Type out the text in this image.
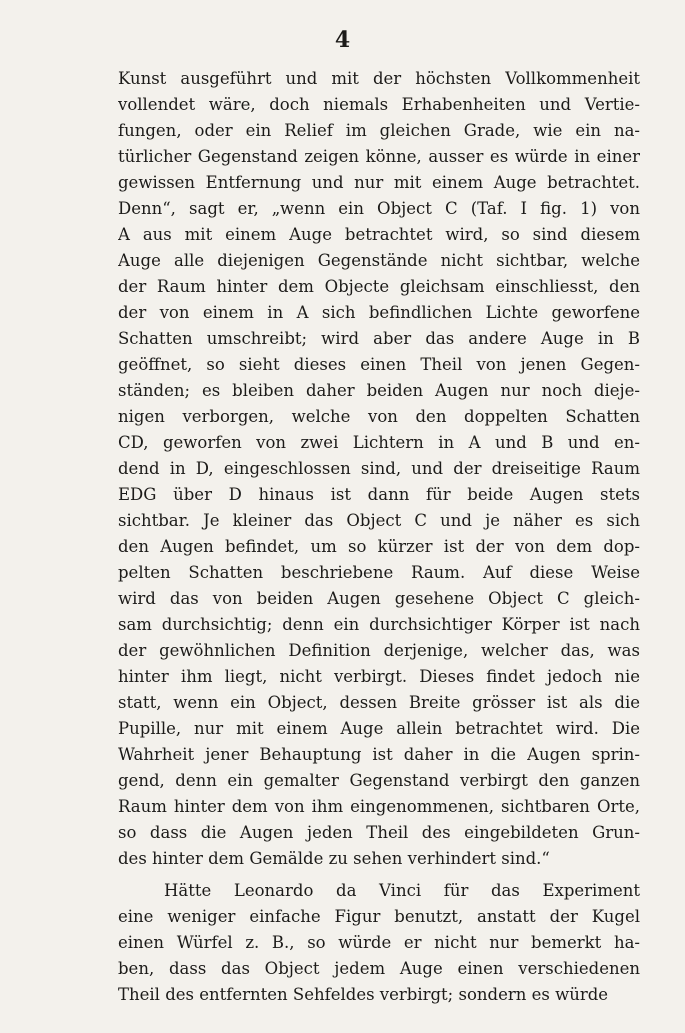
4
Kunst ausgeführt und mit der höchsten Vollkommenheit
vollendet wäre, doch niemals Erhabenheiten und Vertie-
fungen, oder ein Relief im gleichen Grade, wie ein na-
türlicher Gegenstand zeigen könne, ausser es würde in einer
gewissen Entfernung und nur mit einem Auge betrachtet.
Denn“, sagt er, „wenn ein Object C (Taf. I fig. 1) von
A aus mit einem Auge betrachtet wird, so sind diesem
Auge alle diejenigen Gegenstände nicht sichtbar, welche
der Raum hinter dem Objecte gleichsam einschliesst, den
der von einem in A sich befindlichen Lichte geworfene
Schatten umschreibt; wird aber das andere Auge in B
geöffnet, so sieht dieses einen Theil von jenen Gegen-
ständen; es bleiben daher beiden Augen nur noch dieje-
nigen verborgen, welche von den doppelten Schatten
CD, geworfen von zwei Lichtern in A und B und en-
dend in D, eingeschlossen sind, und der dreiseitige Raum
EDG über D hinaus ist dann für beide Augen stets
sichtbar. Je kleiner das Object C und je näher es sich
den Augen befindet, um so kürzer ist der von dem dop-
pelten Schatten beschriebene Raum. Auf diese Weise
wird das von beiden Augen gesehene Object C gleich-
sam durchsichtig; denn ein durchsichtiger Körper ist nach
der gewöhnlichen Definition derjenige, welcher das, was
hinter ihm liegt, nicht verbirgt. Dieses findet jedoch nie
statt, wenn ein Object, dessen Breite grösser ist als die
Pupille, nur mit einem Auge allein betrachtet wird. Die
Wahrheit jener Behauptung ist daher in die Augen sprin-
gend, denn ein gemalter Gegenstand verbirgt den ganzen
Raum hinter dem von ihm eingenommenen, sichtbaren Orte,
so dass die Augen jeden Theil des eingebildeten Grun-
des hinter dem Gemälde zu sehen verhindert sind.“
Hätte Leonardo da Vinci für das Experiment
eine weniger einfache Figur benutzt, anstatt der Kugel
einen Würfel z. B., so würde er nicht nur bemerkt ha-
ben, dass das Object jedem Auge einen verschiedenen
Theil des entfernten Sehfeldes verbirgt; sondern es würde
